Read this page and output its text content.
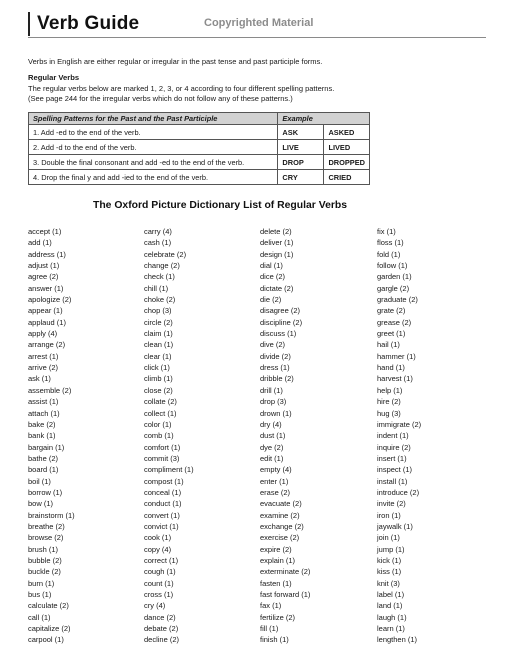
Verb Guide	Copyrighted Material
Verbs in English are either regular or irregular in the past tense and past participle forms.
Regular Verbs
The regular verbs below are marked 1, 2, 3, or 4 according to four different spelling patterns.
(See page 244 for the irregular verbs which do not follow any of these patterns.)
Spelling Patterns for the Past and the Past Participle	Example	
1. Add -ed to the end of the verb.	ASK	ASKED
2. Add -d to the end of the verb.	LIVE	LIVED
3. Double the final consonant and add -ed to the end of the verb.	DROP	DROPPED
4. Drop the final y and add -ied to the end of the verb.	CRY	CRIED
The Oxford Picture Dictionary List of Regular Verbs
accept (1)
add (1)
address (1)
adjust (1)
agree (2)
answer (1)
apologize (2)
appear (1)
applaud (1)
apply (4)
arrange (2)
arrest (1)
arrive (2)
ask (1)
assemble (2)
assist (1)
attach (1)
bake (2)
bank (1)
bargain (1)
bathe (2)
board (1)
boil (1)
borrow (1)
bow (1)
brainstorm (1)
breathe (2)
browse (2)
brush (1)
bubble (2)
buckle (2)
burn (1)
bus (1)
calculate (2)
call (1)
capitalize (2)
carpool (1)
carry (4)
cash (1)
celebrate (2)
change (2)
check (1)
chill (1)
choke (2)
chop (3)
circle (2)
claim (1)
clean (1)
clear (1)
click (1)
climb (1)
close (2)
collate (2)
collect (1)
color (1)
comb (1)
comfort (1)
commit (3)
compliment (1)
compost (1)
conceal (1)
conduct (1)
convert (1)
convict (1)
cook (1)
copy (4)
correct (1)
cough (1)
count (1)
cross (1)
cry (4)
dance (2)
debate (2)
decline (2)
delete (2)
deliver (1)
design (1)
dial (1)
dice (2)
dictate (2)
die (2)
disagree (2)
discipline (2)
discuss (1)
dive (2)
divide (2)
dress (1)
dribble (2)
drill (1)
drop (3)
drown (1)
dry (4)
dust (1)
dye (2)
edit (1)
empty (4)
enter (1)
erase (2)
evacuate (2)
examine (2)
exchange (2)
exercise (2)
expire (2)
explain (1)
exterminate (2)
fasten (1)
fast forward (1)
fax (1)
fertilize (2)
fill (1)
finish (1)
fix (1)
floss (1)
fold (1)
follow (1)
garden (1)
gargle (2)
graduate (2)
grate (2)
grease (2)
greet (1)
hail (1)
hammer (1)
hand (1)
harvest (1)
help (1)
hire (2)
hug (3)
immigrate (2)
indent (1)
inquire (2)
insert (1)
inspect (1)
install (1)
introduce (2)
invite (2)
iron (1)
jaywalk (1)
join (1)
jump (1)
kick (1)
kiss (1)
knit (3)
label (1)
land (1)
laugh (1)
learn (1)
lengthen (1)
